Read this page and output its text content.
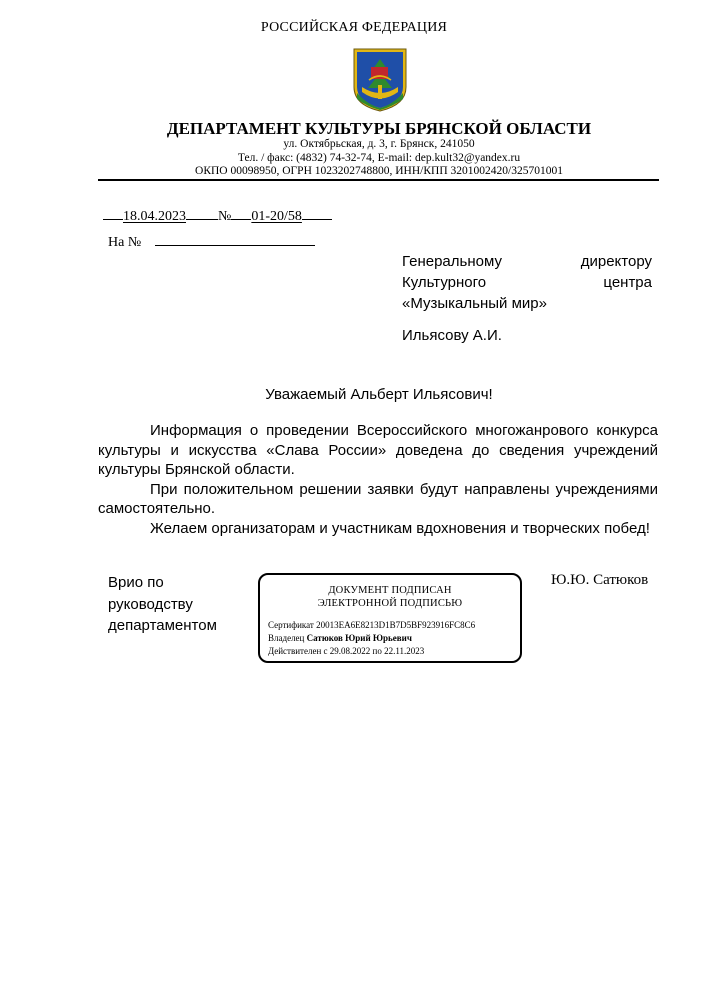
РОССИЙСКАЯ ФЕДЕРАЦИЯ
ДЕПАРТАМЕНТ КУЛЬТУРЫ БРЯНСКОЙ ОБЛАСТИ
ул. Октябрьская, д. 3, г. Брянск, 241050
Тел. / факс: (4832) 74-32-74, E-mail: dep.kult32@yandex.ru
ОКПО 00098950, ОГРН 1023202748800, ИНН/КПП 3201002420/325701001
18.04.2023 № 01-20/58
На №
Генеральному	директору
Культурного	центра
«Музыкальный мир»
Ильясову А.И.
Уважаемый Альберт Ильясович!

Информация о проведении Всероссийского многожанрового конкурса культуры и искусства «Слава России» доведена до сведения учреждений культуры Брянской области.

При положительном решении заявки будут направлены учреждениями самостоятельно.

Желаем организаторам и участникам вдохновения и творческих побед!

Врио по
руководству
департаментом
ДОКУМЕНТ ПОДПИСАН
ЭЛЕКТРОННОЙ ПОДПИСЬЮ
Сертификат 20013EA6E8213D1B7D5BF923916FC8C6
Владелец Сатюков Юрий Юрьевич
Действителен с 29.08.2022 по 22.11.2023
Ю.Ю. Сатюков
